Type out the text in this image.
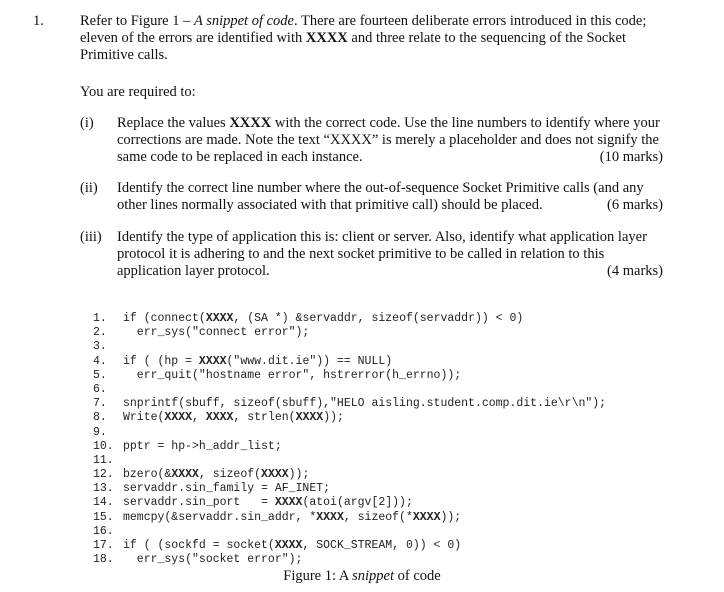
1. Refer to Figure 1 – A snippet of code. There are fourteen deliberate errors introduced in this code; eleven of the errors are identified with XXXX and three relate to the sequencing of the Socket Primitive calls.
You are required to:
(i) Replace the values XXXX with the correct code. Use the line numbers to identify where your corrections are made. Note the text “XXXX” is merely a placeholder and does not signify the same code to be replaced in each instance.	(10 marks)
(ii) Identify the correct line number where the out-of-sequence Socket Primitive calls (and any other lines normally associated with that primitive call) should be placed.	(6 marks)
(iii) Identify the type of application this is: client or server. Also, identify what application layer protocol it is adhering to and the next socket primitive to be called in relation to this application layer protocol.	(4 marks)
1. if (connect(XXXX, (SA *) &servaddr, sizeof(servaddr)) < 0)
2.  err_sys("connect error");
3.
4. if ( (hp = XXXX("www.dit.ie")) == NULL)
5.  err_quit("hostname error", hstrerror(h_errno));
6.
7. snprintf(sbuff, sizeof(sbuff),"HELO aisling.student.comp.dit.ie\r\n");
8. Write(XXXX, XXXX, strlen(XXXX));
9.
10. pptr = hp->h_addr_list;
11.
12. bzero(&XXXX, sizeof(XXXX));
13. servaddr.sin_family = AF_INET;
14. servaddr.sin_port   = XXXX(atoi(argv[2]));
15. memcpy(&servaddr.sin_addr, *XXXX, sizeof(*XXXX));
16.
17. if ( (sockfd = socket(XXXX, SOCK_STREAM, 0)) < 0)
18.  err_sys("socket error");
Figure 1: A snippet of code
